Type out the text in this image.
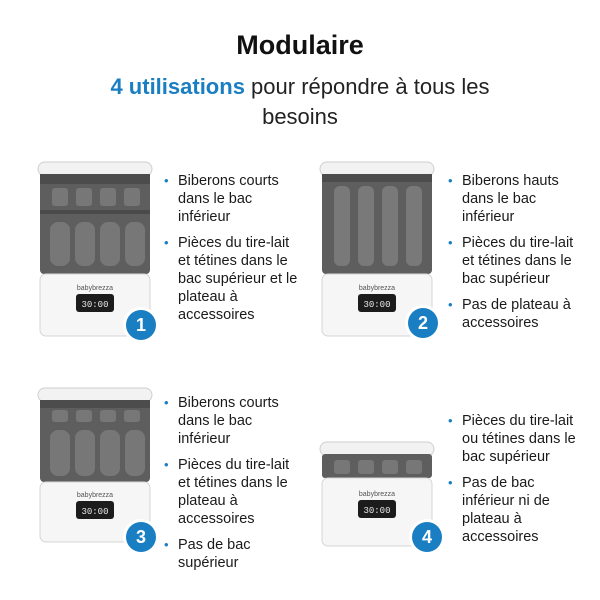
Modulaire
4 utilisations pour répondre à tous les besoins
babybrezza
30:00
1
• Biberons courts dans le bac inférieur
• Pièces du tire-lait et tétines dans le bac supérieur et le plateau à accessoires
babybrezza
30:00
2
• Biberons hauts dans le bac inférieur
• Pièces du tire-lait et tétines dans le bac supérieur
• Pas de plateau à accessoires
babybrezza
30:00
3
• Biberons courts dans le bac inférieur
• Pièces du tire-lait et tétines dans le plateau à accessoires
• Pas de bac supérieur
babybrezza
30:00
4
• Pièces du tire-lait ou tétines dans le bac supérieur
• Pas de bac inférieur ni de plateau à accessoires
